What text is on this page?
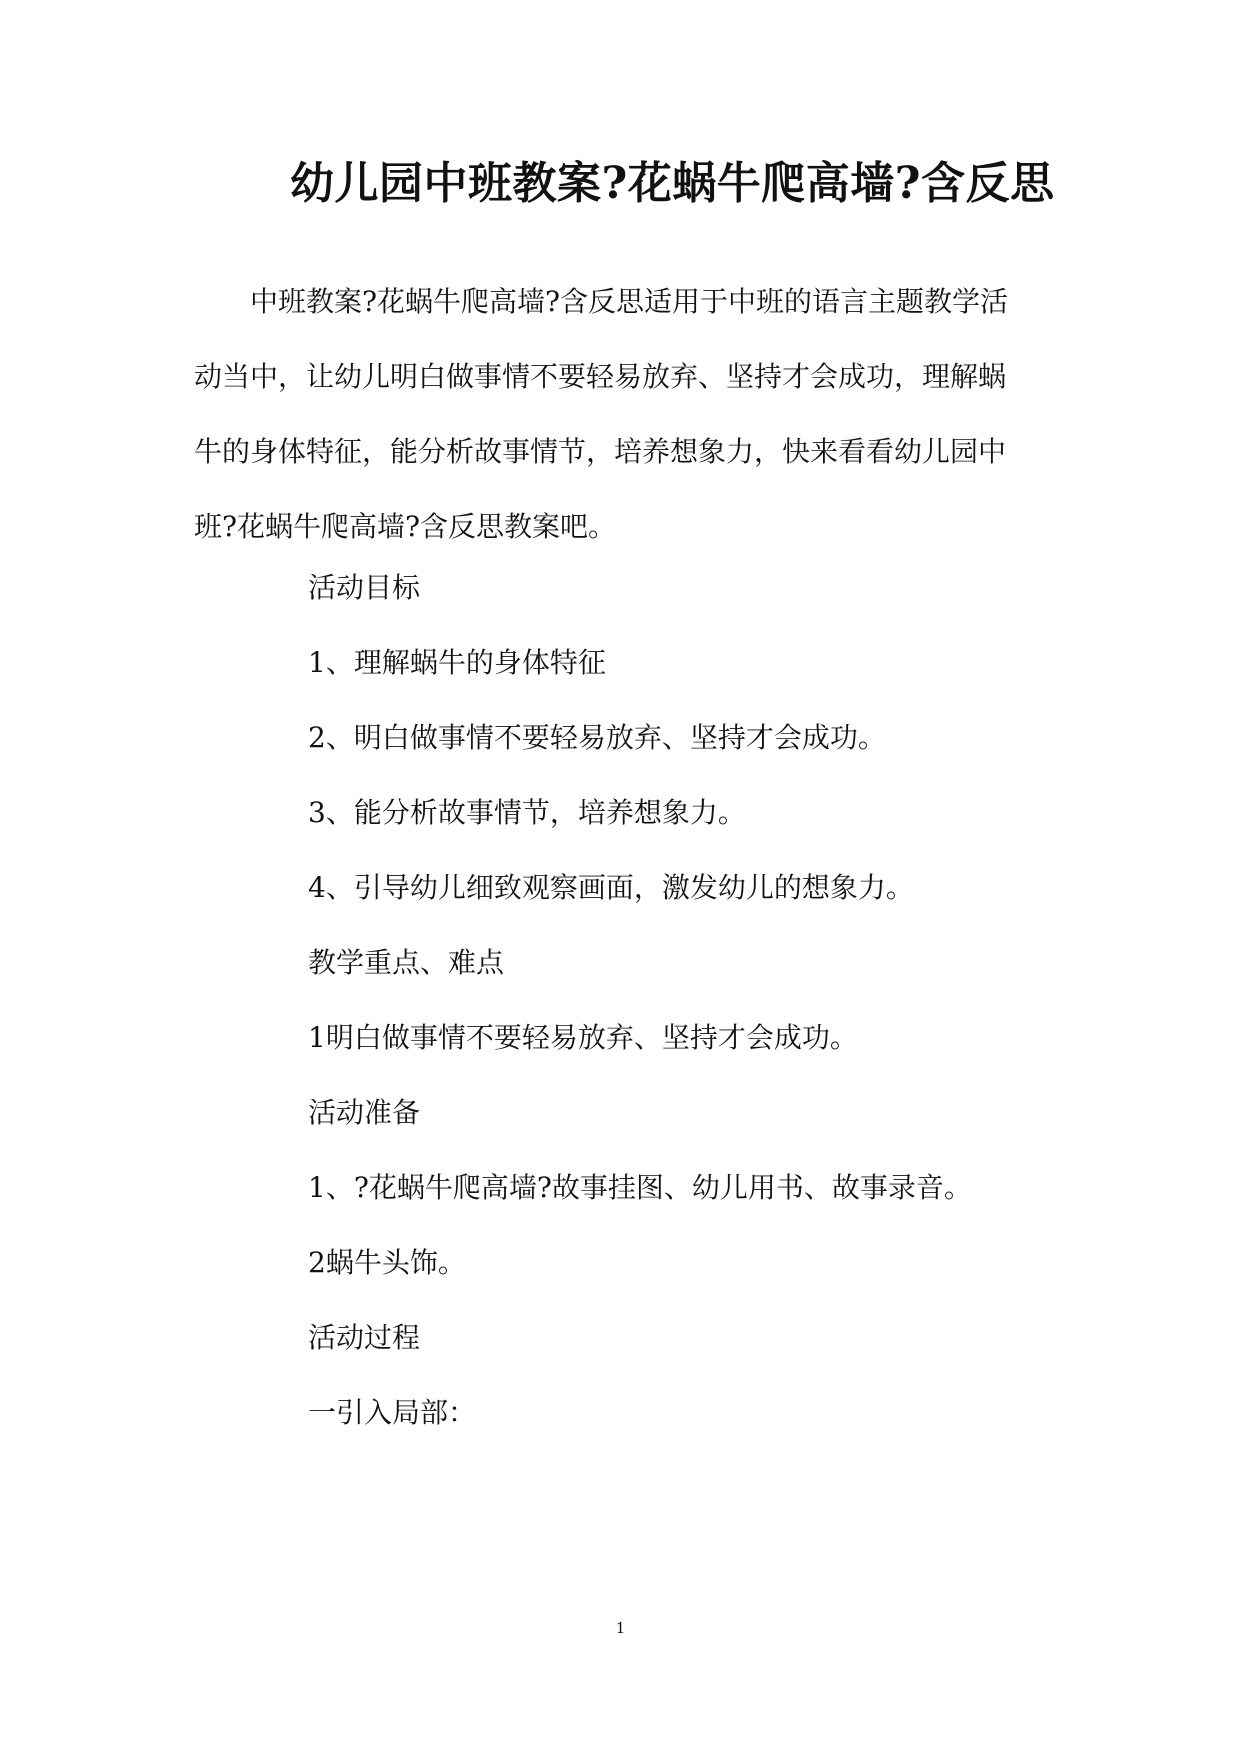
幼儿园中班教案?花蜗牛爬高墙?含反思
中班教案?花蜗牛爬高墙?含反思适用于中班的语言主题教学活
动当中，让幼儿明白做事情不要轻易放弃、坚持才会成功，理解蜗
牛的身体特征，能分析故事情节，培养想象力，快来看看幼儿园中
班?花蜗牛爬高墙?含反思教案吧。
活动目标
1、理解蜗牛的身体特征
2、明白做事情不要轻易放弃、坚持才会成功。
3、能分析故事情节，培养想象力。
4、引导幼儿细致观察画面，激发幼儿的想象力。
教学重点、难点
1明白做事情不要轻易放弃、坚持才会成功。
活动准备
1、?花蜗牛爬高墙?故事挂图、幼儿用书、故事录音。
2蜗牛头饰。
活动过程
一引入局部：
1
